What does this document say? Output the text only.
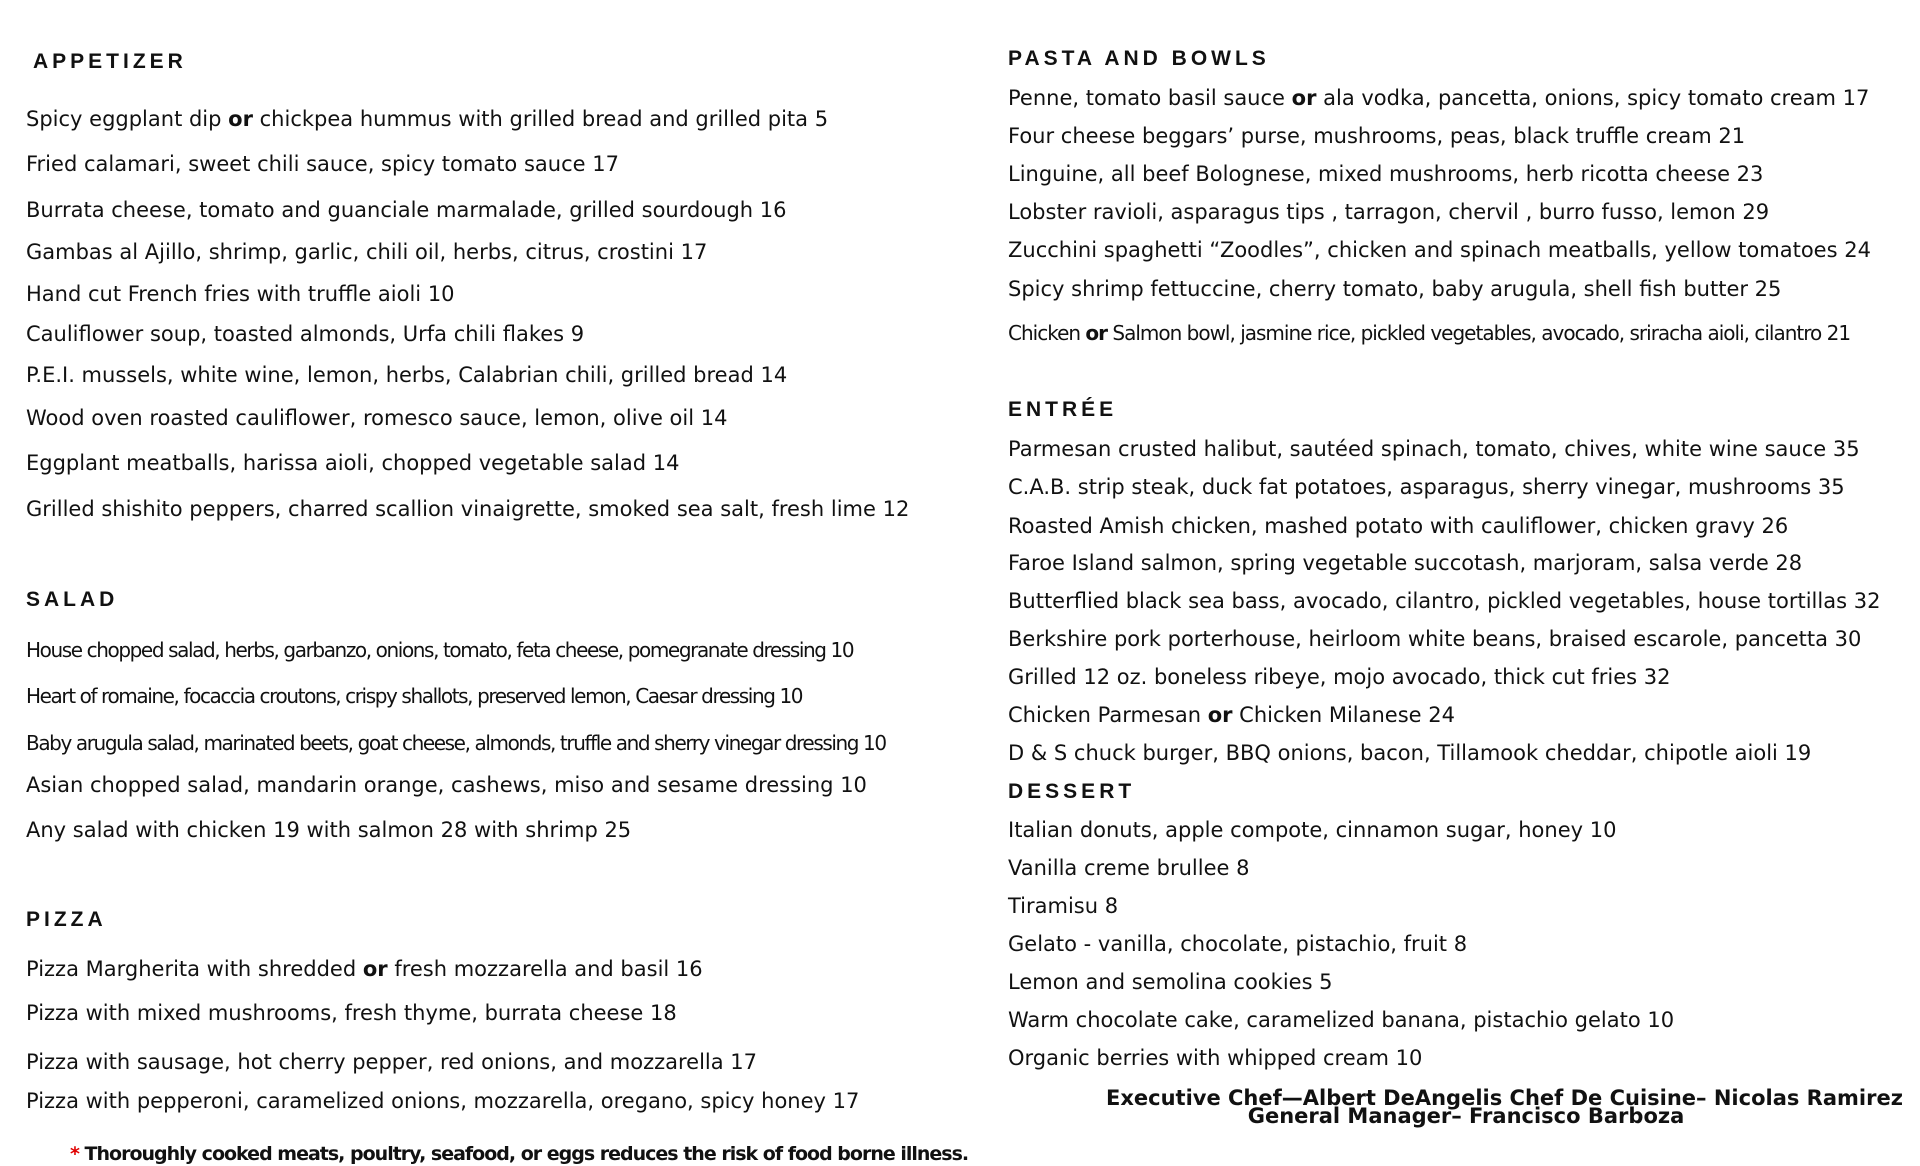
APPETIZER
Spicy eggplant dip or chickpea hummus with grilled bread and grilled pita 5
Fried calamari, sweet chili sauce, spicy tomato sauce 17
Burrata cheese, tomato and guanciale marmalade, grilled sourdough 16
Gambas al Ajillo, shrimp, garlic, chili oil, herbs, citrus, crostini 17
Hand cut French fries with truffle aioli 10
Cauliflower soup, toasted almonds, Urfa chili flakes 9
P.E.I. mussels, white wine, lemon, herbs, Calabrian chili, grilled bread 14
Wood oven roasted cauliflower, romesco sauce, lemon, olive oil 14
Eggplant meatballs, harissa aioli, chopped vegetable salad 14
Grilled shishito peppers, charred scallion vinaigrette, smoked sea salt, fresh lime 12
SALAD
House chopped salad, herbs, garbanzo, onions, tomato, feta cheese, pomegranate dressing 10
Heart of romaine, focaccia croutons, crispy shallots, preserved lemon, Caesar dressing 10
Baby arugula salad, marinated beets, goat cheese, almonds, truffle and sherry vinegar dressing 10
Asian chopped salad, mandarin orange, cashews, miso and sesame dressing 10
Any salad with chicken 19 with salmon 28 with shrimp 25
PIZZA
Pizza Margherita with shredded or fresh mozzarella and basil 16
Pizza with mixed mushrooms, fresh thyme, burrata cheese 18
Pizza with sausage, hot cherry pepper, red onions, and mozzarella 17
Pizza with pepperoni, caramelized onions, mozzarella, oregano, spicy honey 17
* Thoroughly cooked meats, poultry, seafood, or eggs reduces the risk of food borne illness.
PASTA AND BOWLS
Penne, tomato basil sauce or ala vodka, pancetta, onions, spicy tomato cream 17
Four cheese beggars’ purse, mushrooms, peas, black truffle cream 21
Linguine, all beef Bolognese, mixed mushrooms, herb ricotta cheese 23
Lobster ravioli, asparagus tips , tarragon, chervil , burro fusso, lemon 29
Zucchini spaghetti “Zoodles”, chicken and spinach meatballs, yellow tomatoes 24
Spicy shrimp fettuccine, cherry tomato, baby arugula, shell fish butter 25
Chicken or Salmon bowl, jasmine rice, pickled vegetables, avocado, sriracha aioli, cilantro 21
ENTRÉE
Parmesan crusted halibut, sautéed spinach, tomato, chives, white wine sauce 35
C.A.B. strip steak, duck fat potatoes, asparagus, sherry vinegar, mushrooms 35
Roasted Amish chicken, mashed potato with cauliflower, chicken gravy 26
Faroe Island salmon, spring vegetable succotash, marjoram, salsa verde 28
Butterflied black sea bass, avocado, cilantro, pickled vegetables, house tortillas 32
Berkshire pork porterhouse, heirloom white beans, braised escarole, pancetta 30
Grilled 12 oz. boneless ribeye, mojo avocado, thick cut fries 32
Chicken Parmesan or Chicken Milanese 24
D & S chuck burger, BBQ onions, bacon, Tillamook cheddar, chipotle aioli 19
DESSERT
Italian donuts, apple compote, cinnamon sugar, honey 10
Vanilla creme brullee 8
Tiramisu 8
Gelato - vanilla, chocolate, pistachio, fruit 8
Lemon and semolina cookies 5
Warm chocolate cake, caramelized banana, pistachio gelato 10
Organic berries with whipped cream 10
Executive Chef—Albert DeAngelis Chef De Cuisine– Nicolas Ramirez
General Manager– Francisco Barboza
